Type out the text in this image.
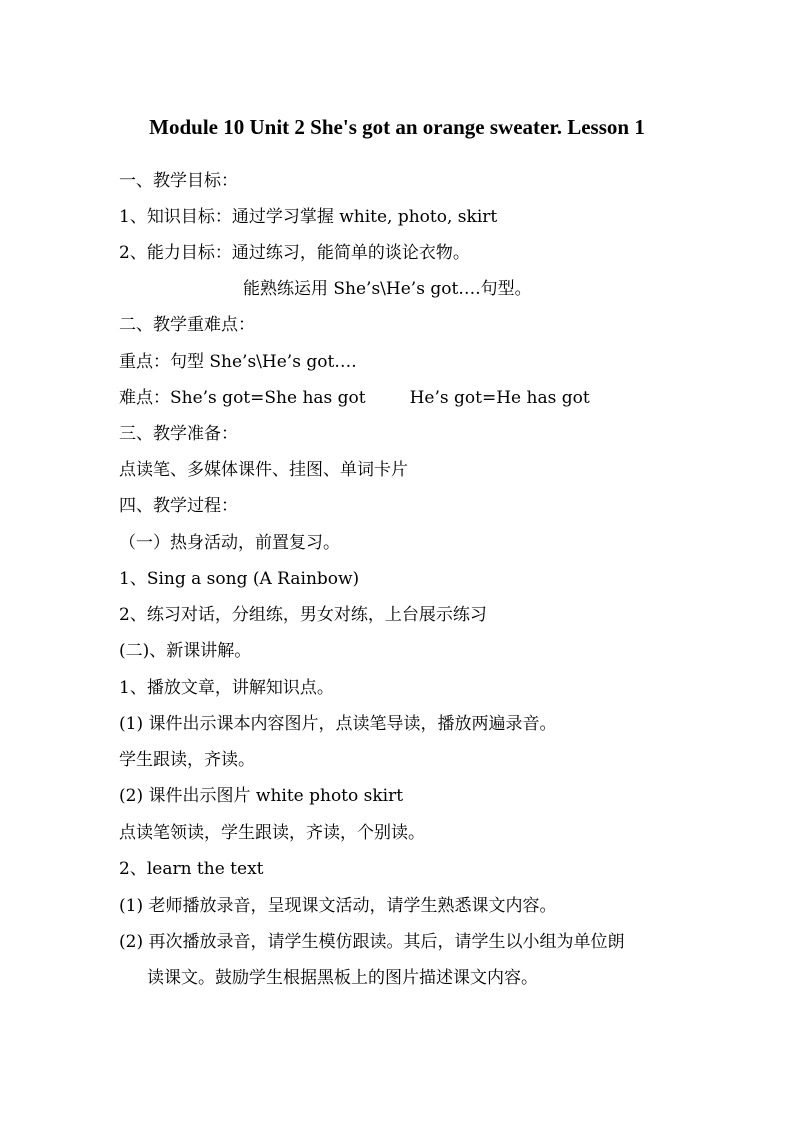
Module 10 Unit 2 She's got an orange sweater. Lesson 1
一、教学目标：
1、知识目标：通过学习掌握 white, photo, skirt
2、能力目标：通过练习，能简单的谈论衣物。
能熟练运用 She’s\He’s got….句型。
二、教学重难点：
重点：句型 She’s\He’s got….
难点：She’s got=She has got	He’s got=He has got
三、教学准备：
点读笔、多媒体课件、挂图、单词卡片
四、教学过程：
（一）热身活动，前置复习。
1、Sing a song (A Rainbow)
2、练习对话，分组练，男女对练，上台展示练习
(二)、新课讲解。
1、播放文章，讲解知识点。
(1) 课件出示课本内容图片，点读笔导读，播放两遍录音。
学生跟读，齐读。
(2) 课件出示图片 white photo skirt
点读笔领读，学生跟读，齐读，个别读。
2、learn the text
(1) 老师播放录音，呈现课文活动，请学生熟悉课文内容。
(2) 再次播放录音，请学生模仿跟读。其后，请学生以小组为单位朗
读课文。鼓励学生根据黑板上的图片描述课文内容。
